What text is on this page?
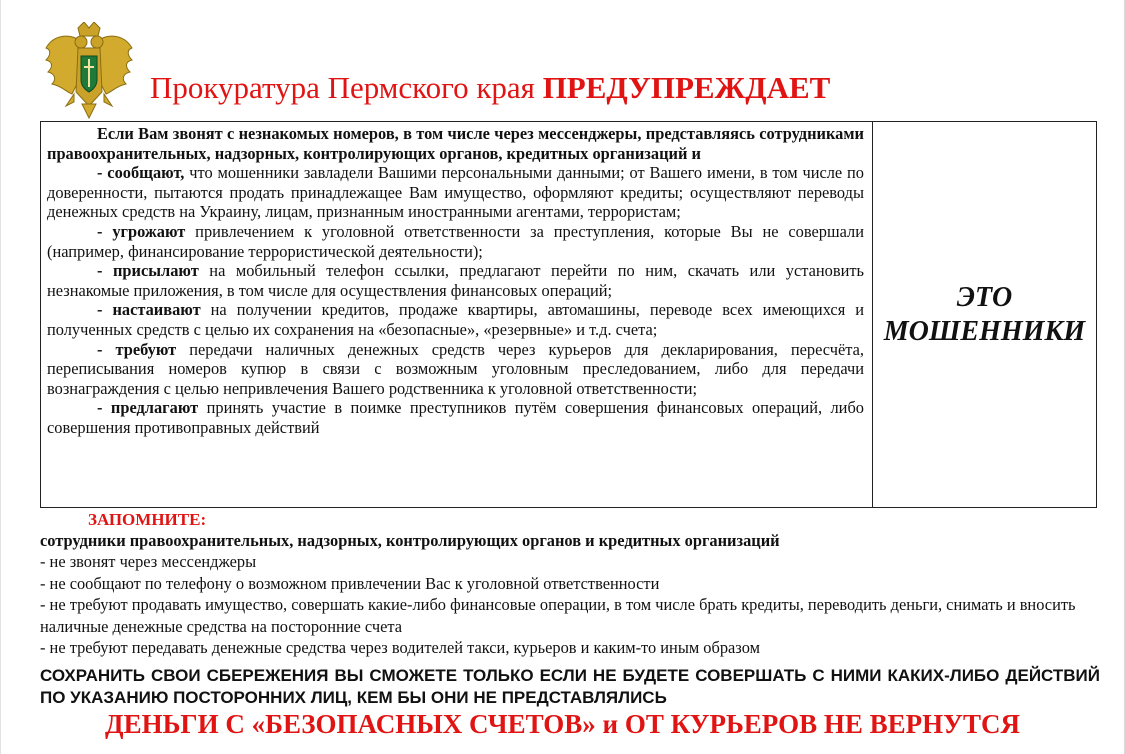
Прокуратура Пермского края ПРЕДУПРЕЖДАЕТ

Если Вам звонят с незнакомых номеров, в том числе через мессенджеры, представляясь сотрудниками правоохранительных, надзорных, контролирующих органов, кредитных организаций и

- сообщают, что мошенники завладели Вашими персональными данными; от Вашего имени, в том числе по доверенности, пытаются продать принадлежащее Вам имущество, оформляют кредиты; осуществляют переводы денежных средств на Украину, лицам, признанным иностранными агентами, террористам;

- угрожают привлечением к уголовной ответственности за преступления, которые Вы не совершали (например, финансирование террористической деятельности);

- присылают на мобильный телефон ссылки, предлагают перейти по ним, скачать или установить незнакомые приложения, в том числе для осуществления финансовых операций;

- настаивают на получении кредитов, продаже квартиры, автомашины, переводе всех имеющихся и полученных средств с целью их сохранения на «безопасные», «резервные» и т.д. счета;

- требуют передачи наличных денежных средств через курьеров для декларирования, пересчёта, переписывания номеров купюр в связи с возможным уголовным преследованием, либо для передачи вознаграждения с целью непривлечения Вашего родственника к уголовной ответственности;

- предлагают принять участие в поимке преступников путём совершения финансовых операций, либо совершения противоправных действий

ЭТО
МОШЕННИКИ
ЗАПОМНИТЕ:
сотрудники правоохранительных, надзорных, контролирующих органов и кредитных организаций
- не звонят через мессенджеры
- не сообщают по телефону о возможном привлечении Вас к уголовной ответственности
- не требуют продавать имущество, совершать какие-либо финансовые операции, в том числе брать кредиты, переводить деньги, снимать и вносить наличные денежные средства на посторонние счета
- не требуют передавать денежные средства через водителей такси, курьеров и каким-то иным образом
СОХРАНИТЬ СВОИ СБЕРЕЖЕНИЯ ВЫ СМОЖЕТЕ ТОЛЬКО ЕСЛИ НЕ БУДЕТЕ СОВЕРШАТЬ С НИМИ КАКИХ-ЛИБО ДЕЙСТВИЙ ПО УКАЗАНИЮ ПОСТОРОННИХ ЛИЦ, КЕМ БЫ ОНИ НЕ ПРЕДСТАВЛЯЛИСЬ
ДЕНЬГИ С «БЕЗОПАСНЫХ СЧЕТОВ» и ОТ КУРЬЕРОВ НЕ ВЕРНУТСЯ
